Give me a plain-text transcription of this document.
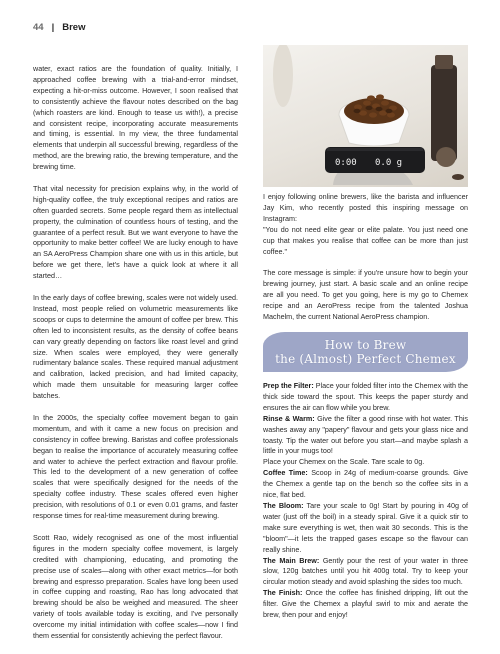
44 | Brew

water, exact ratios are the foundation of quality. Initially, I approached coffee brewing with a trial-and-error mindset, expecting a hit-or-miss outcome. However, I soon realised that to consistently achieve the flavour notes described on the bag (which roasters are kind. Enough to tease us with!), a precise and consistent recipe, incorporating accurate measurements and timing, is essential. In my view, the three fundamental elements that underpin all successful brewing, regardless of the method, are the brewing ratio, the brewing temperature, and the brewing time.

That vital necessity for precision explains why, in the world of high-quality coffee, the truly exceptional recipes and ratios are often guarded secrets. Some people regard them as intellectual property, the culmination of countless hours of testing, and the guarantee of a perfect result. But we want everyone to have the opportunity to make better coffee! We are lucky enough to have an SA AeroPress Champion share one with us in this article, but before we get there, let's have a quick look at where it all started…

In the early days of coffee brewing, scales were not widely used. Instead, most people relied on volumetric measurements like scoops or cups to determine the amount of coffee per brew. This often led to inconsistent results, as the density of coffee beans can vary greatly depending on factors like roast level and grind size. When scales were employed, they were generally rudimentary balance scales. These required manual adjustment and calibration, lacked precision, and had limited capacity, which made them unsuitable for measuring larger coffee batches.

In the 2000s, the specialty coffee movement began to gain momentum, and with it came a new focus on precision and consistency in coffee brewing. Baristas and coffee professionals began to realise the importance of accurately measuring coffee and water to achieve the perfect extraction and flavour profile. This led to the development of a new generation of coffee scales that were specifically designed for the needs of the specialty coffee industry. These scales offered even higher precision, with resolutions of 0.1 or even 0.01 grams, and faster response times for real-time measurement during brewing.

Scott Rao, widely recognised as one of the most influential figures in the modern specialty coffee movement, is largely credited with championing, educating, and promoting the precise use of scales—along with other exact metrics—for both brewing and espresso preparation. Scales have long been used in coffee cupping and roasting, Rao has long advocated that brewing should be also be weighed and measured. The sheer variety of tools available today is exciting, and I've personally overcome my initial intimidation with coffee scales—now I find them essential for consistently achieving the perfect flavour.

0:00 0.0 g
I enjoy following online brewers, like the barista and influencer Jay Kim, who recently posted this inspiring message on Instagram:
"You do not need elite gear or elite palate. You just need one cup that makes you realise that coffee can be more than just coffee."
The core message is simple: if you're unsure how to begin your brewing journey, just start. A basic scale and an online recipe are all you need. To get you going, here is my go to Chemex recipe and an AeroPress recipe from the talented Joshua Machelm, the current National AeroPress champion.
How to Brew
the (Almost) Perfect Chemex

Prep the Filter: Place your folded filter into the Chemex with the thick side toward the spout. This keeps the paper sturdy and ensures the air can flow while you brew.

Rinse & Warm: Give the filter a good rinse with hot water. This washes away any "papery" flavour and gets your glass nice and toasty. Tip the water out before you start—and maybe splash a little in your mugs too!

Place your Chemex on the Scale. Tare scale to 0g.

Coffee Time: Scoop in 24g of medium-coarse grounds. Give the Chemex a gentle tap on the bench so the coffee sits in a nice, flat bed.

The Bloom: Tare your scale to 0g! Start by pouring in 40g of water (just off the boil) in a steady spiral. Give it a quick stir to make sure everything is wet, then wait 30 seconds. This is the "bloom"—it lets the trapped gases escape so the flavour can really shine.

The Main Brew: Gently pour the rest of your water in three slow, 120g batches until you hit 400g total. Try to keep your circular motion steady and avoid splashing the sides too much.

The Finish: Once the coffee has finished dripping, lift out the filter. Give the Chemex a playful swirl to mix and aerate the brew, then pour and enjoy!
